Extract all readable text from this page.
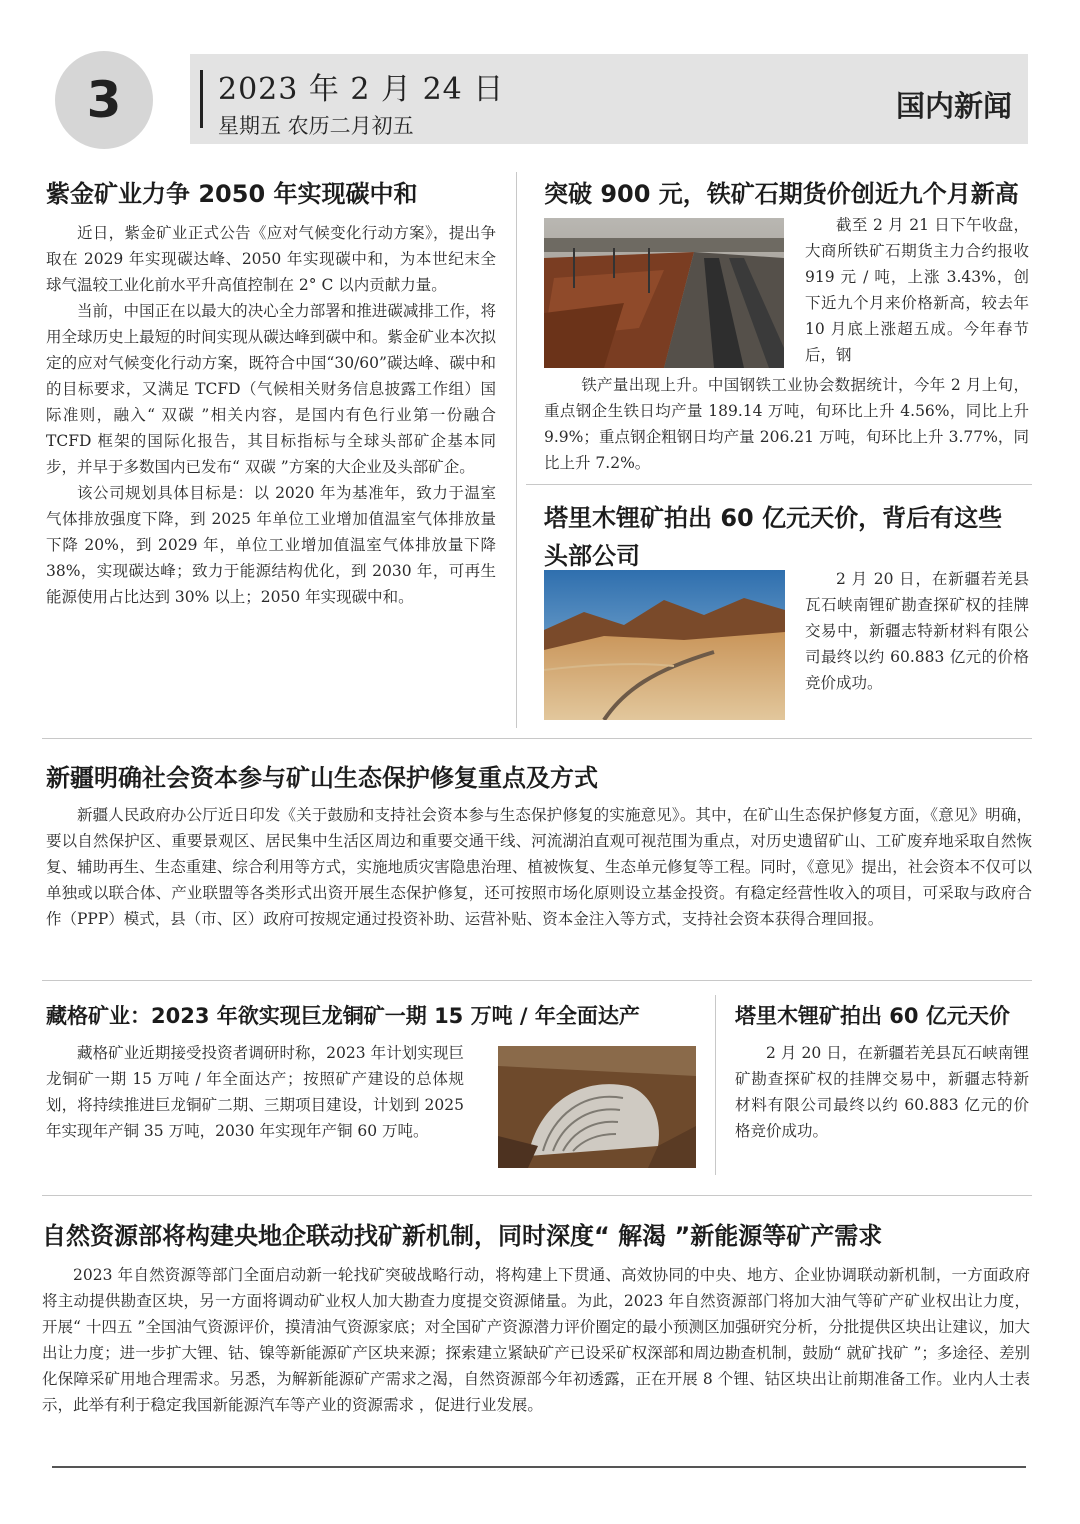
3	2023 年 2 月 24 日
星期五 农历二月初五
国内新闻
紫金矿业力争 2050 年实现碳中和

近日，紫金矿业正式公告《应对气候变化行动方案》，提出争取在 2029 年实现碳达峰、2050 年实现碳中和，为本世纪末全球气温较工业化前水平升高值控制在 2° C 以内贡献力量。

当前，中国正在以最大的决心全力部署和推进碳减排工作，将用全球历史上最短的时间实现从碳达峰到碳中和。紫金矿业本次拟定的应对气候变化行动方案，既符合中国“30/60”碳达峰、碳中和的目标要求，又满足 TCFD（气候相关财务信息披露工作组）国际准则，融入“ 双碳 ”相关内容，是国内有色行业第一份融合 TCFD 框架的国际化报告，其目标指标与全球头部矿企基本同步，并早于多数国内已发布“ 双碳 ”方案的大企业及头部矿企。

该公司规划具体目标是：以 2020 年为基准年，致力于温室气体排放强度下降，到 2025 年单位工业增加值温室气体排放量下降 20%，到 2029 年，单位工业增加值温室气体排放量下降 38%，实现碳达峰；致力于能源结构优化，到 2030 年，可再生能源使用占比达到 30% 以上；2050 年实现碳中和。

突破 900 元，铁矿石期货价创近九个月新高

截至 2 月 21 日下午收盘，大商所铁矿石期货主力合约报收 919 元 / 吨，上涨 3.43%，创下近九个月来价格新高，较去年 10 月底上涨超五成。今年春节后，钢

铁产量出现上升。中国钢铁工业协会数据统计，今年 2 月上旬，重点钢企生铁日均产量 189.14 万吨，旬环比上升 4.56%，同比上升 9.9%；重点钢企粗钢日均产量 206.21 万吨，旬环比上升 3.77%，同比上升 7.2%。

塔里木锂矿拍出 60 亿元天价，背后有这些
头部公司

2 月 20 日，在新疆若羌县瓦石峡南锂矿勘查探矿权的挂牌交易中，新疆志特新材料有限公司最终以约 60.883 亿元的价格竞价成功。

新疆明确社会资本参与矿山生态保护修复重点及方式

新疆人民政府办公厅近日印发《关于鼓励和支持社会资本参与生态保护修复的实施意见》。其中，在矿山生态保护修复方面，《意见》明确，要以自然保护区、重要景观区、居民集中生活区周边和重要交通干线、河流湖泊直观可视范围为重点，对历史遗留矿山、工矿废弃地采取自然恢复、辅助再生、生态重建、综合利用等方式，实施地质灾害隐患治理、植被恢复、生态单元修复等工程。同时，《意见》提出，社会资本不仅可以单独或以联合体、产业联盟等各类形式出资开展生态保护修复，还可按照市场化原则设立基金投资。有稳定经营性收入的项目，可采取与政府合作（PPP）模式，县（市、区）政府可按规定通过投资补助、运营补贴、资本金注入等方式，支持社会资本获得合理回报。

藏格矿业：2023 年欲实现巨龙铜矿一期 15 万吨 / 年全面达产

藏格矿业近期接受投资者调研时称，2023 年计划实现巨龙铜矿一期 15 万吨 / 年全面达产；按照矿产建设的总体规划，将持续推进巨龙铜矿二期、三期项目建设，计划到 2025 年实现年产铜 35 万吨，2030 年实现年产铜 60 万吨。

塔里木锂矿拍出 60 亿元天价

2 月 20 日，在新疆若羌县瓦石峡南锂矿勘查探矿权的挂牌交易中，新疆志特新材料有限公司最终以约 60.883 亿元的价格竞价成功。

自然资源部将构建央地企联动找矿新机制，同时深度“ 解渴 ”新能源等矿产需求

2023 年自然资源等部门全面启动新一轮找矿突破战略行动，将构建上下贯通、高效协同的中央、地方、企业协调联动新机制，一方面政府将主动提供勘查区块，另一方面将调动矿业权人加大勘查力度提交资源储量。为此，2023 年自然资源部门将加大油气等矿产矿业权出让力度，开展“ 十四五 ”全国油气资源评价，摸清油气资源家底；对全国矿产资源潜力评价圈定的最小预测区加强研究分析，分批提供区块出让建议，加大出让力度；进一步扩大锂、钴、镍等新能源矿产区块来源；探索建立紧缺矿产已设采矿权深部和周边勘查机制，鼓励“ 就矿找矿 ”；多途径、差别化保障采矿用地合理需求。另悉，为解新能源矿产需求之渴，自然资源部今年初透露，正在开展 8 个锂、钴区块出让前期准备工作。业内人士表示，此举有利于稳定我国新能源汽车等产业的资源需求 ，促进行业发展。
